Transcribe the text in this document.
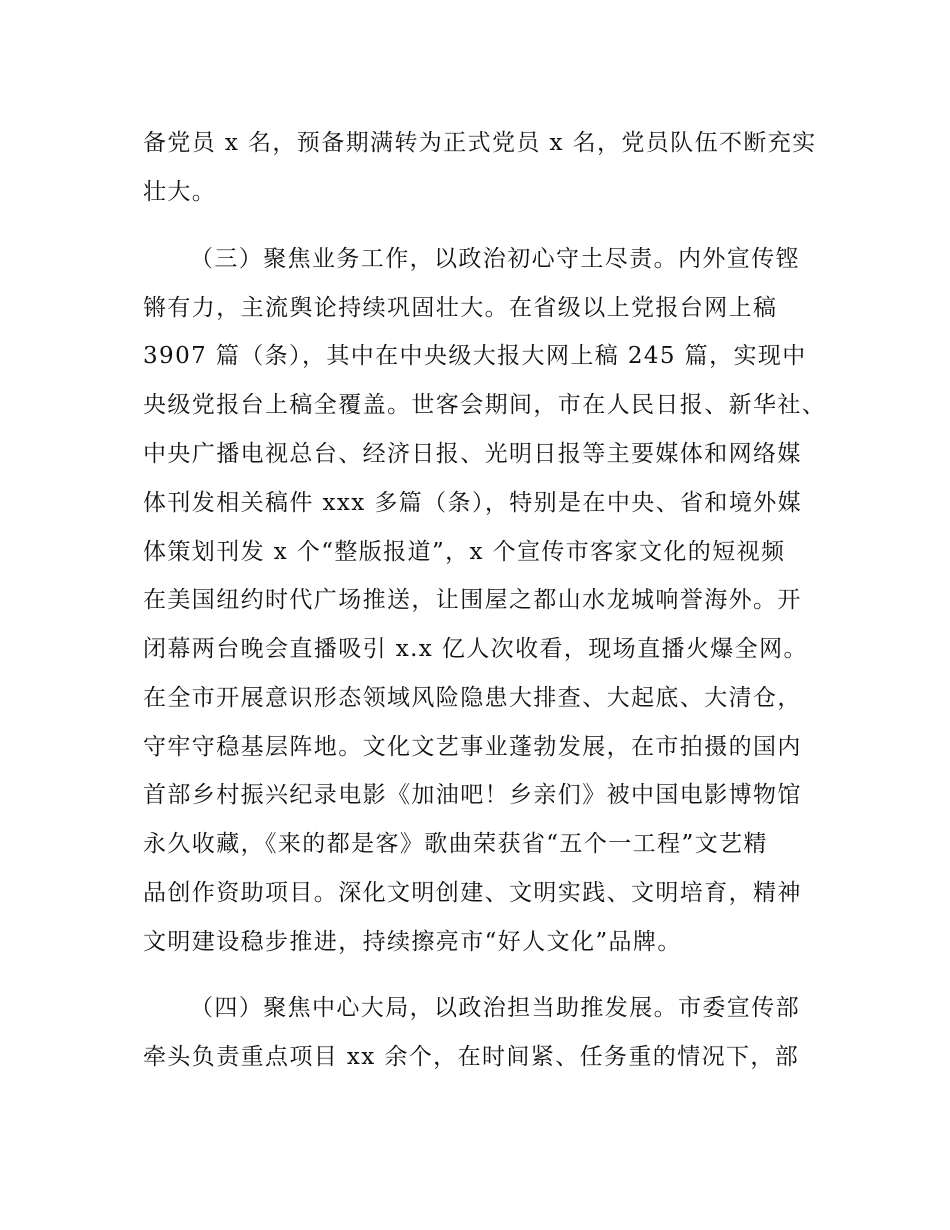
备党员 x 名，预备期满转为正式党员 x 名，党员队伍不断充实
壮大。
（三）聚焦业务工作，以政治初心守土尽责。内外宣传铿
锵有力，主流舆论持续巩固壮大。在省级以上党报台网上稿
3907 篇（条），其中在中央级大报大网上稿 245 篇，实现中
央级党报台上稿全覆盖。世客会期间，市在人民日报、新华社、
中央广播电视总台、经济日报、光明日报等主要媒体和网络媒
体刊发相关稿件 xxx 多篇（条），特别是在中央、省和境外媒
体策划刊发 x 个“整版报道”，x 个宣传市客家文化的短视频
在美国纽约时代广场推送，让围屋之都山水龙城响誉海外。开
闭幕两台晚会直播吸引 x.x 亿人次收看，现场直播火爆全网。
在全市开展意识形态领域风险隐患大排查、大起底、大清仓，
守牢守稳基层阵地。文化文艺事业蓬勃发展，在市拍摄的国内
首部乡村振兴纪录电影《加油吧！乡亲们》被中国电影博物馆
永久收藏，《来的都是客》歌曲荣获省“五个一工程”文艺精
品创作资助项目。深化文明创建、文明实践、文明培育，精神
文明建设稳步推进，持续擦亮市“好人文化”品牌。
（四）聚焦中心大局，以政治担当助推发展。市委宣传部
牵头负责重点项目 xx 余个，在时间紧、任务重的情况下，部
